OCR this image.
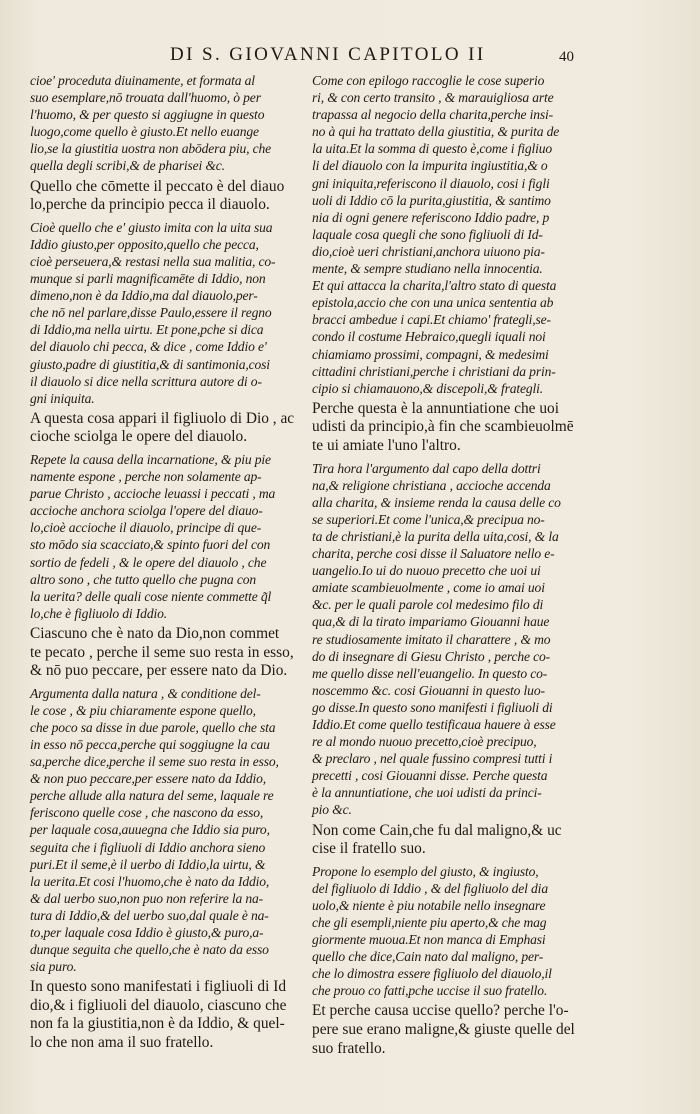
DI S. GIOVANNI CAPITOLO II	40

cioe' proceduta diuinamente, et formata al
suo esemplare,nō trouata dall'huomo, ò per
l'huomo, & per questo si aggiugne in questo
luogo,come quello è giusto.Et nello euange
lio,se la giustitia uostra non abōdera piu, che
quella degli scribi,& de pharisei &c.

Quello che cōmette il peccato è del diauo
lo,perche da principio pecca il diauolo.

Cioè quello che e' giusto imita con la uita sua
Iddio giusto,per opposito,quello che pecca,
cioè perseuera,& restasi nella sua malitia, co-
munque si parli magnificamēte di Iddio, non
dimeno,non è da Iddio,ma dal diauolo,per-
che nō nel parlare,disse Paulo,essere il regno
di Iddio,ma nella uirtu. Et pone,pche si dica
del diauolo chi pecca, & dice , come Iddio e'
giusto,padre di giustitia,& di santimonia,cosi
il diauolo si dice nella scrittura autore di o-
gni iniquita.

A questa cosa appari il figliuolo di Dio , ac
cioche sciolga le opere del diauolo.

Repete la causa della incarnatione, & piu pie
namente espone , perche non solamente ap-
parue Christo , accioche leuassi i peccati , ma
accioche anchora sciolga l'opere del diauo-
lo,cioè accioche il diauolo, principe di que-
sto mōdo sia scacciato,& spinto fuori del con
sortio de fedeli , & le opere del diauolo , che
altro sono , che tutto quello che pugna con
la uerita? delle quali cose niente commette q̃l
lo,che è figliuolo di Iddio.

Ciascuno che è nato da Dio,non commet
te pecato , perche il seme suo resta in esso,
& nō puo peccare, per essere nato da Dio.

Argumenta dalla natura , & conditione del-
le cose , & piu chiaramente espone quello,
che poco sa disse in due parole, quello che sta
in esso nō pecca,perche qui soggiugne la cau
sa,perche dice,perche il seme suo resta in esso,
& non puo peccare,per essere nato da Iddio,
perche allude alla natura del seme, laquale re
feriscono quelle cose , che nascono da esso,
per laquale cosa,auuegna che Iddio sia puro,
seguita che i figliuoli di Iddio anchora sieno
puri.Et il seme,è il uerbo di Iddio,la uirtu, &
la uerita.Et cosi l'huomo,che è nato da Iddio,
& dal uerbo suo,non puo non referire la na-
tura di Iddio,& del uerbo suo,dal quale è na-
to,per laquale cosa Iddio è giusto,& puro,a-
dunque seguita che quello,che è nato da esso
sia puro.

In questo sono manifestati i figliuoli di Id
dio,& i figliuoli del diauolo, ciascuno che
non fa la giustitia,non è da Iddio, & quel-
lo che non ama il suo fratello.

Come con epilogo raccoglie le cose superio
ri, & con certo transito , & marauigliosa arte
trapassa al negocio della charita,perche insi-
no à qui ha trattato della giustitia, & purita de
la uita.Et la somma di questo è,come i figliuo
li del diauolo con la impurita ingiustitia,& o
gni iniquita,referiscono il diauolo, cosi i figli
uoli di Iddio cō la purita,giustitia, & santimo
nia di ogni genere referiscono Iddio padre, p
laquale cosa quegli che sono figliuoli di Id-
dio,cioè ueri christiani,anchora uiuono pia-
mente, & sempre studiano nella innocentia.
Et qui attacca la charita,l'altro stato di questa
epistola,accio che con una unica sententia ab
bracci ambedue i capi.Et chiamo' frategli,se-
condo il costume Hebraico,quegli iquali noi
chiamiamo prossimi, compagni, & medesimi
cittadini christiani,perche i christiani da prin-
cipio si chiamauono,& discepoli,& frategli.

Perche questa è la annuntiatione che uoi
udisti da principio,à fin che scambieuolmē
te ui amiate l'uno l'altro.

Tira hora l'argumento dal capo della dottri
na,& religione christiana , accioche accenda
alla charita, & insieme renda la causa delle co
se superiori.Et come l'unica,& precipua no-
ta de christiani,è la purita della uita,cosi, & la
charita, perche cosi disse il Saluatore nello e-
uangelio.Io ui do nuouo precetto che uoi ui
amiate scambieuolmente , come io amai uoi
&c. per le quali parole col medesimo filo di
qua,& di la tirato impariamo Giouanni haue
re studiosamente imitato il charattere , & mo
do di insegnare di Giesu Christo , perche co-
me quello disse nell'euangelio. In questo co-
noscemmo &c. cosi Giouanni in questo luo-
go disse.In questo sono manifesti i figliuoli di
Iddio.Et come quello testificaua hauere à esse
re al mondo nuouo precetto,cioè precipuo,
& preclaro , nel quale fussino compresi tutti i
precetti , cosi Giouanni disse. Perche questa
è la annuntiatione, che uoi udisti da princi-
pio &c.

Non come Cain,che fu dal maligno,& uc
cise il fratello suo.

Propone lo esemplo del giusto, & ingiusto,
del figliuolo di Iddio , & del figliuolo del dia
uolo,& niente è piu notabile nello insegnare
che gli esempli,niente piu aperto,& che mag
giormente muoua.Et non manca di Emphasi
quello che dice,Cain nato dal maligno, per-
che lo dimostra essere figliuolo del diauolo,il
che prouo co fatti,pche uccise il suo fratello.

Et perche causa uccise quello? perche l'o-
pere sue erano maligne,& giuste quelle del
suo fratello.
